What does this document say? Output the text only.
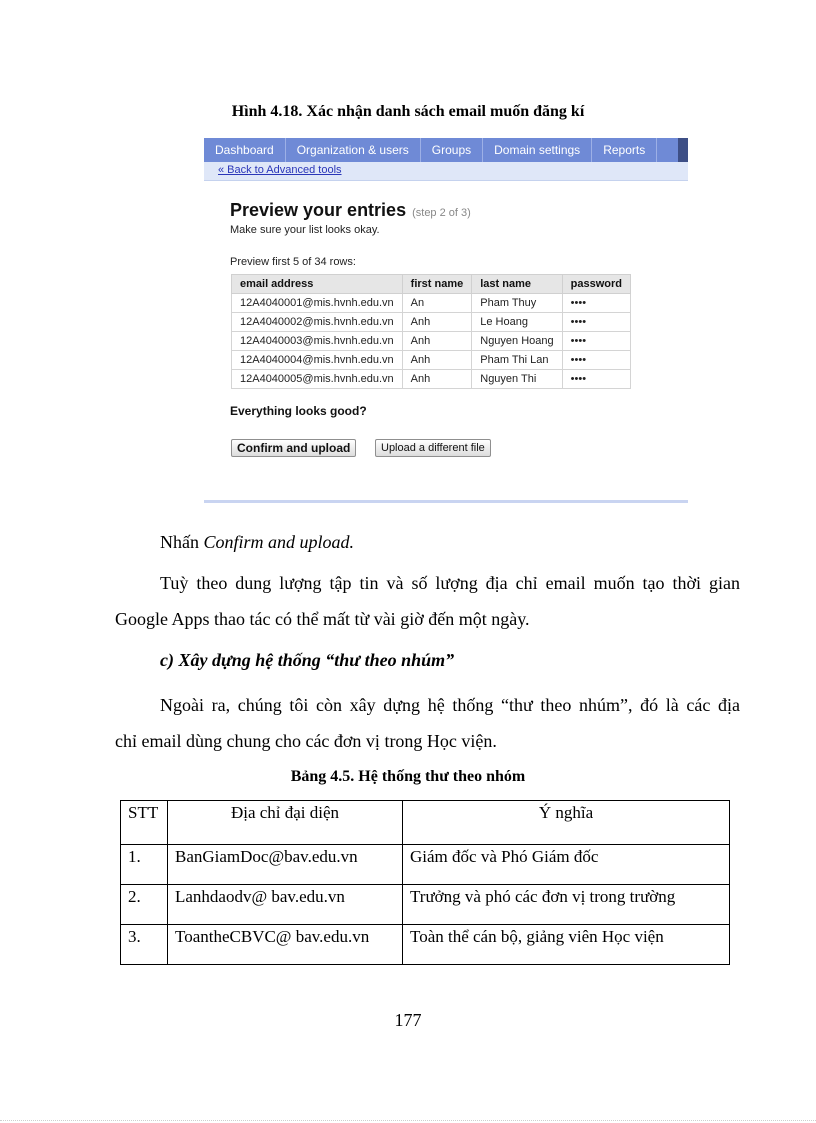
Hình 4.18. Xác nhận danh sách email muốn đăng kí
Dashboard	Organization & users	Groups	Domain settings	Reports
« Back to Advanced tools
Preview your entries (step 2 of 3)
Make sure your list looks okay.
Preview first 5 of 34 rows:
email address	first name	last name	password
12A4040001@mis.hvnh.edu.vn	An	Pham Thuy	••••
12A4040002@mis.hvnh.edu.vn	Anh	Le Hoang	••••
12A4040003@mis.hvnh.edu.vn	Anh	Nguyen Hoang	••••
12A4040004@mis.hvnh.edu.vn	Anh	Pham Thi Lan	••••
12A4040005@mis.hvnh.edu.vn	Anh	Nguyen Thi	••••
Everything looks good?
Confirm and upload	Upload a different file
Nhấn Confirm and upload.
Tuỳ theo dung lượng tập tin và số lượng địa chỉ email muốn tạo thời gian
Google Apps thao tác có thể mất từ vài giờ đến một ngày.
c) Xây dựng hệ thống “thư theo nhúm”
Ngoài ra, chúng tôi còn xây dựng hệ thống “thư theo nhúm”, đó là các địa
chỉ email dùng chung cho các đơn vị trong Học viện.
Bảng 4.5. Hệ thống thư theo nhóm
STT	Địa chỉ đại diện	Ý nghĩa
1.	BanGiamDoc@bav.edu.vn	Giám đốc và Phó Giám đốc
2.	Lanhdaodv@ bav.edu.vn	Trưởng và phó các đơn vị trong trường
3.	ToantheCBVC@ bav.edu.vn	Toàn thể cán bộ, giảng viên Học viện
177
